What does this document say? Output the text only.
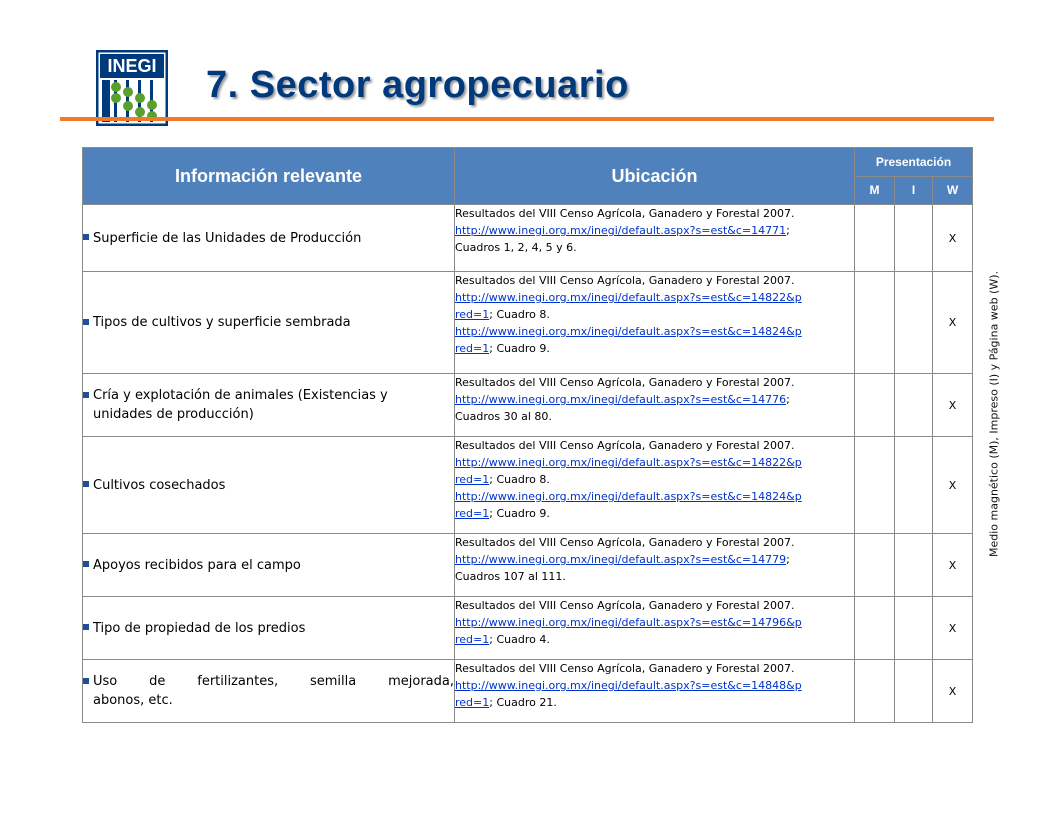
INEGI	7. Sector agropecuario
Información relevante	Ubicación	Presentación		
		M	I	W

Superficie de las Unidades de Producción	Resultados del VIII Censo Agrícola, Ganadero y Forestal 2007.
http://www.inegi.org.mx/inegi/default.aspx?s=est&c=14771;
Cuadros 1, 2, 4, 5 y 6.			X

Tipos de cultivos y superficie sembrada	Resultados del VIII Censo Agrícola, Ganadero y Forestal 2007.
http://www.inegi.org.mx/inegi/default.aspx?s=est&c=14822&p
red=1; Cuadro 8.
http://www.inegi.org.mx/inegi/default.aspx?s=est&c=14824&p
red=1; Cuadro 9.			X

Cría y explotación de animales (Existencias y
unidades de producción)	Resultados del VIII Censo Agrícola, Ganadero y Forestal 2007.
http://www.inegi.org.mx/inegi/default.aspx?s=est&c=14776;
Cuadros 30 al 80.			X

Cultivos cosechados	Resultados del VIII Censo Agrícola, Ganadero y Forestal 2007.
http://www.inegi.org.mx/inegi/default.aspx?s=est&c=14822&p
red=1; Cuadro 8.
http://www.inegi.org.mx/inegi/default.aspx?s=est&c=14824&p
red=1; Cuadro 9.			X

Apoyos recibidos para el campo	Resultados del VIII Censo Agrícola, Ganadero y Forestal 2007.
http://www.inegi.org.mx/inegi/default.aspx?s=est&c=14779;
Cuadros 107 al 111.			X

Tipo de propiedad de los predios	Resultados del VIII Censo Agrícola, Ganadero y Forestal 2007.
http://www.inegi.org.mx/inegi/default.aspx?s=est&c=14796&p
red=1; Cuadro 4.			X

Uso de fertilizantes, semilla mejorada,
abonos, etc.	Resultados del VIII Censo Agrícola, Ganadero y Forestal 2007.
http://www.inegi.org.mx/inegi/default.aspx?s=est&c=14848&p
red=1; Cuadro 21.			X
Medio magnético (M), Impreso (I) y Página web (W).
